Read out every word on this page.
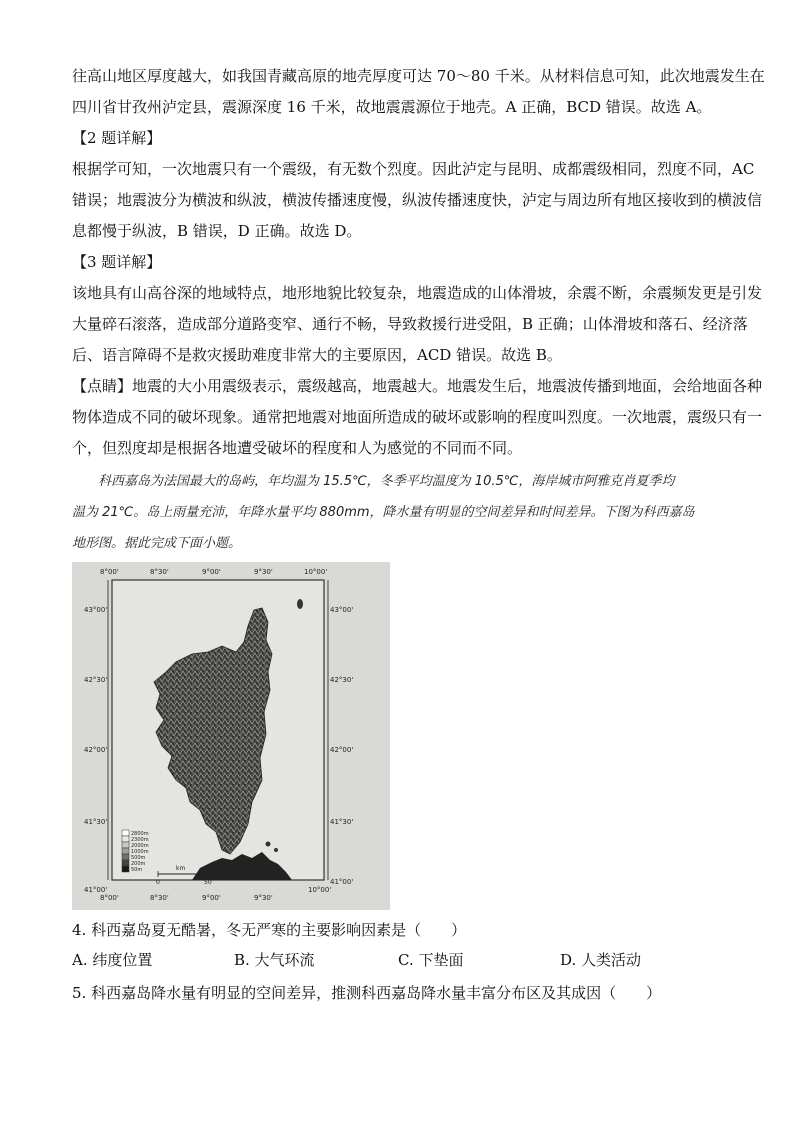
往高山地区厚度越大，如我国青藏高原的地壳厚度可达 70～80 千米。从材料信息可知，此次地震发生在
四川省甘孜州泸定县，震源深度 16 千米，故地震震源位于地壳。A 正确，BCD 错误。故选 A。

【2 题详解】

根据学可知，一次地震只有一个震级，有无数个烈度。因此泸定与昆明、成都震级相同，烈度不同，AC
错误；地震波分为横波和纵波，横波传播速度慢，纵波传播速度快，泸定与周边所有地区接收到的横波信
息都慢于纵波，B 错误，D 正确。故选 D。

【3 题详解】

该地具有山高谷深的地域特点，地形地貌比较复杂，地震造成的山体滑坡，余震不断，余震频发更是引发
大量碎石滚落，造成部分道路变窄、通行不畅，导致救援行进受阻，B 正确；山体滑坡和落石、经济落
后、语言障碍不是救灾援助难度非常大的主要原因，ACD 错误。故选 B。

【点睛】地震的大小用震级表示，震级越高，地震越大。地震发生后，地震波传播到地面，会给地面各种
物体造成不同的破坏现象。通常把地震对地面所造成的破坏或影响的程度叫烈度。一次地震，震级只有一
个，但烈度却是根据各地遭受破坏的程度和人为感觉的不同而不同。

　　科西嘉岛为法国最大的岛屿，年均温为 15.5℃，冬季平均温度为 10.5℃，海岸城市阿雅克肖夏季均
温为 21℃。岛上雨量充沛，年降水量平均 880mm，降水量有明显的空间差异和时间差异。下图为科西嘉岛
地形图。据此完成下面小题。

2800m
2300m
2000m
1000m
500m
200m
50m	km
0	50
8°00'	8°30'	9°00'	9°30'	10°00'
8°00'	8°30'	9°00'	9°30'
10°00'
43°00'
42°30'
42°00'
41°30'
41°00'
43°00'
42°30'
42°00'
41°30'
41°00'

4. 科西嘉岛夏无酷暑，冬无严寒的主要影响因素是（　　）

A. 纬度位置	B. 大气环流	C. 下垫面	D. 人类活动

5. 科西嘉岛降水量有明显的空间差异，推测科西嘉岛降水量丰富分布区及其成因（　　）
